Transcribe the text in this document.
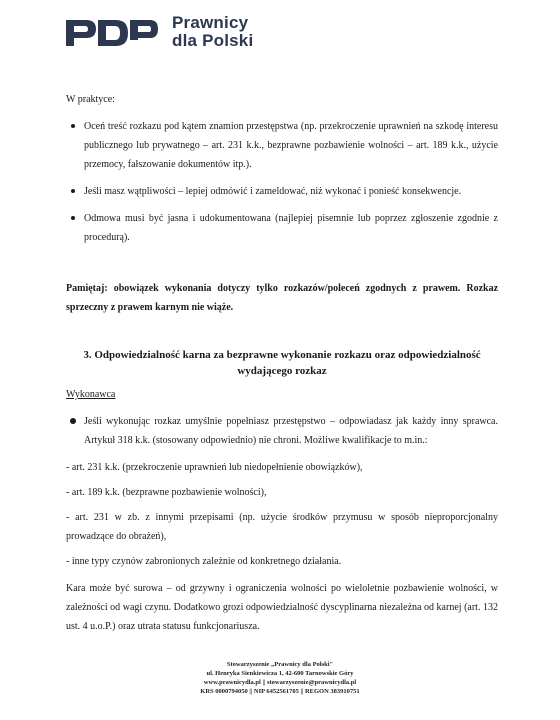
Prawnicy
dla Polski

W praktyce:

Oceń treść rozkazu pod kątem znamion przestępstwa (np. przekroczenie uprawnień na szkodę interesu publicznego lub prywatnego – art. 231 k.k., bezprawne pozbawienie wolności – art. 189 k.k., użycie przemocy, fałszowanie dokumentów itp.).
Jeśli masz wątpliwości – lepiej odmówić i zameldować, niż wykonać i ponieść konsekwencje.
Odmowa musi być jasna i udokumentowana (najlepiej pisemnie lub poprzez zgłoszenie zgodnie z procedurą).

Pamiętaj: obowiązek wykonania dotyczy tylko rozkazów/poleceń zgodnych z prawem. Rozkaz sprzeczny z prawem karnym nie wiąże.

3. Odpowiedzialność karna za bezprawne wykonanie rozkazu oraz odpowiedzialność wydającego rozkaz

Wykonawca

Jeśli wykonując rozkaz umyślnie popełniasz przestępstwo – odpowiadasz jak każdy inny sprawca. Artykuł 318 k.k. (stosowany odpowiednio) nie chroni. Możliwe kwalifikacje to m.in.:

- art. 231 k.k. (przekroczenie uprawnień lub niedopełnienie obowiązków),

- art. 189 k.k. (bezprawne pozbawienie wolności),

- art. 231 w zb. z innymi przepisami (np. użycie środków przymusu w sposób nieproporcjonalny prowadzące do obrażeń),

- inne typy czynów zabronionych zależnie od konkretnego działania.

Kara może być surowa – od grzywny i ograniczenia wolności po wieloletnie pozbawienie wolności, w zależności od wagi czynu. Dodatkowo grozi odpowiedzialność dyscyplinarna niezależna od karnej (art. 132 ust. 4 u.o.P.) oraz utrata statusu funkcjonariusza.

Stowarzyszenie „Prawnicy dla Polski"
ul. Henryka Sienkiewicza 1, 42-600 Tarnowskie Góry
www.prawnicydla.pl || stowarzyszenie@prawnicydla.pl
KRS 0000794050 || NIP 6452561705 || REGON 383910751
